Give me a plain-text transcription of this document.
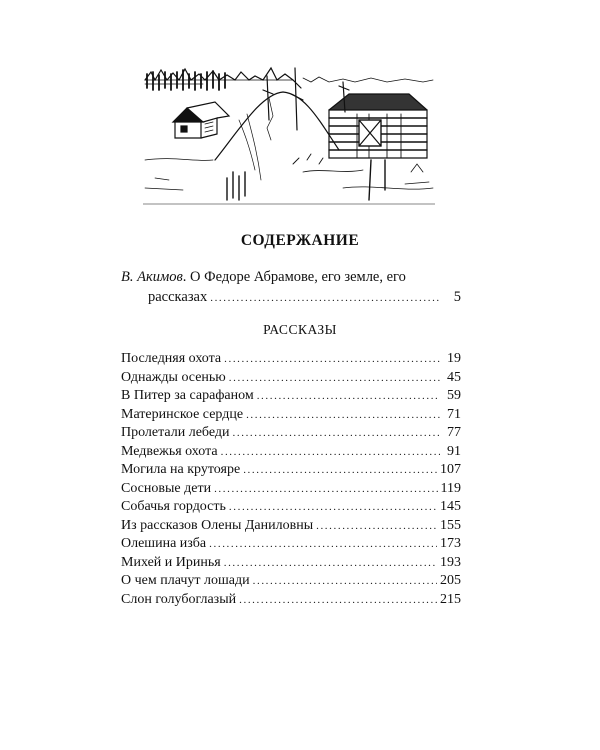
СОДЕРЖАНИЕ
В. Акимов. О Федоре Абрамове, его земле, его
рассказах .....	5
РАССКАЗЫ
Последняя охота .....	19
Однажды осенью .....	45
В Питер за сарафаном .....	59
Материнское сердце .....	71
Пролетали лебеди .....	77
Медвежья охота .....	91
Могила на крутояре .....	107
Сосновые дети .....	119
Собачья гордость .....	145
Из рассказов Олены Даниловны .....	155
Олешина изба .....	173
Михей и Иринья .....	193
О чем плачут лошади .....	205
Слон голубоглазый .....	215
